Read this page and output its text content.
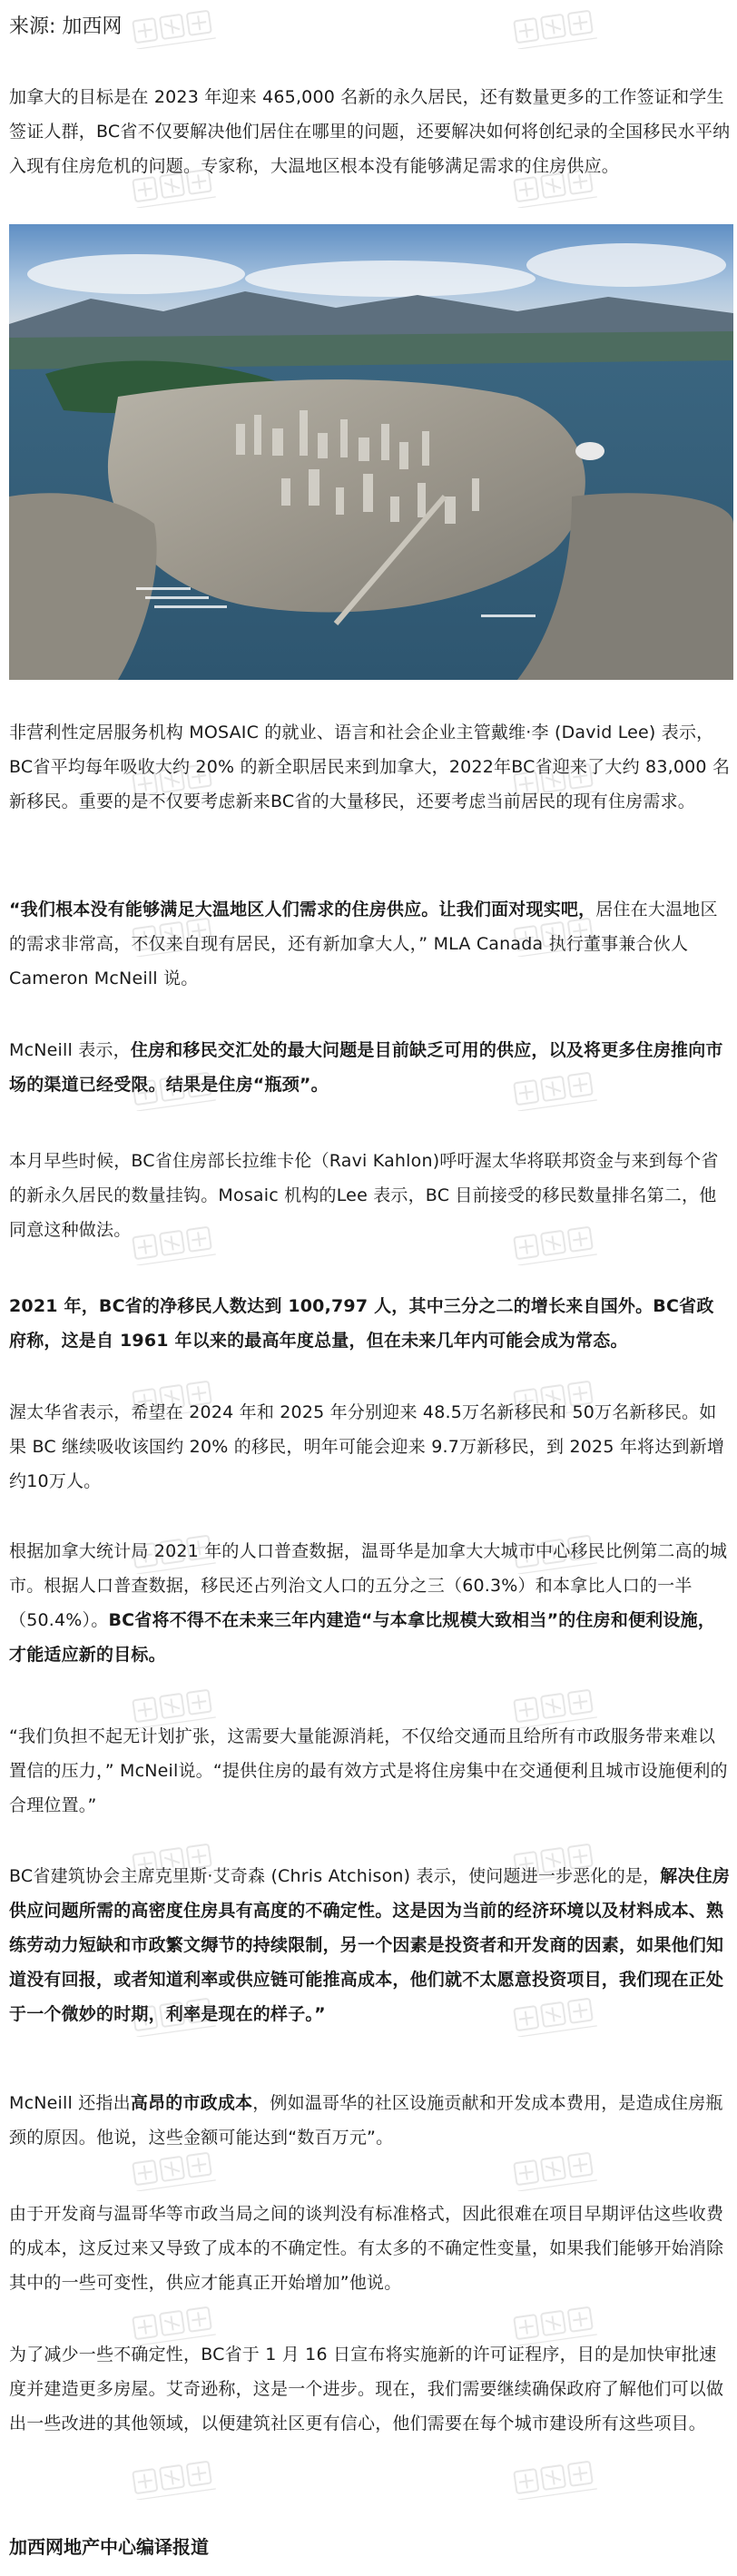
来源: 加西网

加拿大的目标是在 2023 年迎来 465,000 名新的永久居民，还有数量更多的工作签证和学生签证人群，BC省不仅要解决他们居住在哪里的问题，还要解决如何将创纪录的全国移民水平纳入现有住房危机的问题。专家称，大温地区根本没有能够满足需求的住房供应。

非营利性定居服务机构 MOSAIC 的就业、语言和社会企业主管戴维·李 (David Lee) 表示，BC省平均每年吸收大约 20% 的新全职居民来到加拿大，2022年BC省迎来了大约 83,000 名新移民。重要的是不仅要考虑新来BC省的大量移民，还要考虑当前居民的现有住房需求。

“我们根本没有能够满足大温地区人们需求的住房供应。让我们面对现实吧，居住在大温地区的需求非常高，不仅来自现有居民，还有新加拿大人，” MLA Canada 执行董事兼合伙人 Cameron McNeill 说。

McNeill 表示，住房和移民交汇处的最大问题是目前缺乏可用的供应，以及将更多住房推向市场的渠道已经受限。结果是住房“瓶颈”。

本月早些时候，BC省住房部长拉维卡伦（Ravi Kahlon)呼吁渥太华将联邦资金与来到每个省的新永久居民的数量挂钩。Mosaic 机构的Lee 表示，BC 目前接受的移民数量排名第二，他同意这种做法。

2021 年，BC省的净移民人数达到 100,797 人，其中三分之二的增长来自国外。BC省政府称，这是自 1961 年以来的最高年度总量，但在未来几年内可能会成为常态。

渥太华省表示，希望在 2024 年和 2025 年分别迎来 48.5万名新移民和 50万名新移民。如果 BC 继续吸收该国约 20% 的移民，明年可能会迎来 9.7万新移民，到 2025 年将达到新增约10万人。

根据加拿大统计局 2021 年的人口普查数据，温哥华是加拿大大城市中心移民比例第二高的城市。根据人口普查数据，移民还占列治文人口的五分之三（60.3%）和本拿比人口的一半（50.4%）。BC省将不得不在未来三年内建造“与本拿比规模大致相当”的住房和便利设施，才能适应新的目标。

“我们负担不起无计划扩张，这需要大量能源消耗，不仅给交通而且给所有市政服务带来难以置信的压力，” McNeil说。“提供住房的最有效方式是将住房集中在交通便利且城市设施便利的合理位置。”

BC省建筑协会主席克里斯·艾奇森 (Chris Atchison) 表示，使问题进一步恶化的是，解决住房供应问题所需的高密度住房具有高度的不确定性。这是因为当前的经济环境以及材料成本、熟练劳动力短缺和市政繁文缛节的持续限制，另一个因素是投资者和开发商的因素，如果他们知道没有回报，或者知道利率或供应链可能推高成本，他们就不太愿意投资项目，我们现在正处于一个微妙的时期，利率是现在的样子。”

McNeill 还指出高昂的市政成本，例如温哥华的社区设施贡献和开发成本费用，是造成住房瓶颈的原因。他说，这些金额可能达到“数百万元”。

由于开发商与温哥华等市政当局之间的谈判没有标准格式，因此很难在项目早期评估这些收费的成本，这反过来又导致了成本的不确定性。有太多的不确定性变量，如果我们能够开始消除其中的一些可变性，供应才能真正开始增加”他说。

为了减少一些不确定性，BC省于 1 月 16 日宣布将实施新的许可证程序，目的是加快审批速度并建造更多房屋。艾奇逊称，这是一个进步。现在，我们需要继续确保政府了解他们可以做出一些改进的其他领域，以便建筑社区更有信心，他们需要在每个城市建设所有这些项目。

加西网地产中心编译报道
